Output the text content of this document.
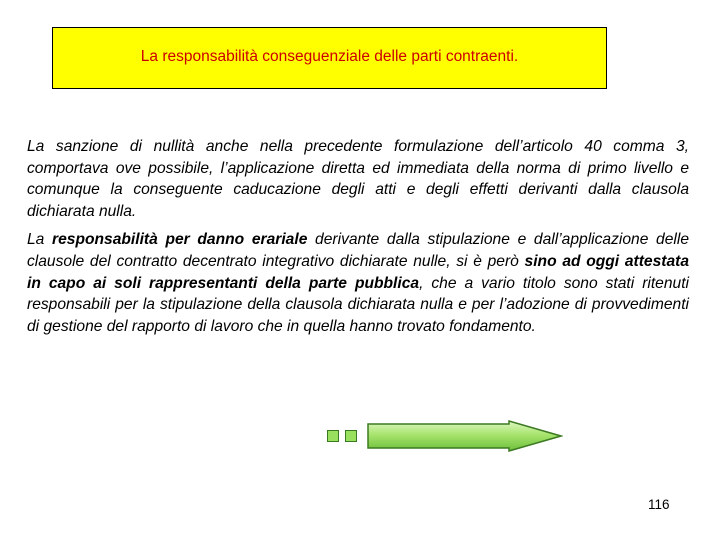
La responsabilità conseguenziale delle parti contraenti.

La sanzione di nullità anche nella precedente formulazione dell’articolo 40 comma 3, comportava ove possibile, l’applicazione diretta ed immediata della norma di primo livello e comunque la conseguente caducazione degli atti e degli effetti derivanti dalla clausola dichiarata nulla.

La responsabilità per danno erariale derivante dalla stipulazione e dall’applicazione delle clausole del contratto decentrato integrativo dichiarate nulle, si è però sino ad oggi attestata in capo ai soli rappresentanti della parte pubblica, che a vario titolo sono stati ritenuti responsabili per la stipulazione della clausola dichiarata nulla e per l’adozione di provvedimenti di gestione del rapporto di lavoro che in quella hanno trovato fondamento.

116
